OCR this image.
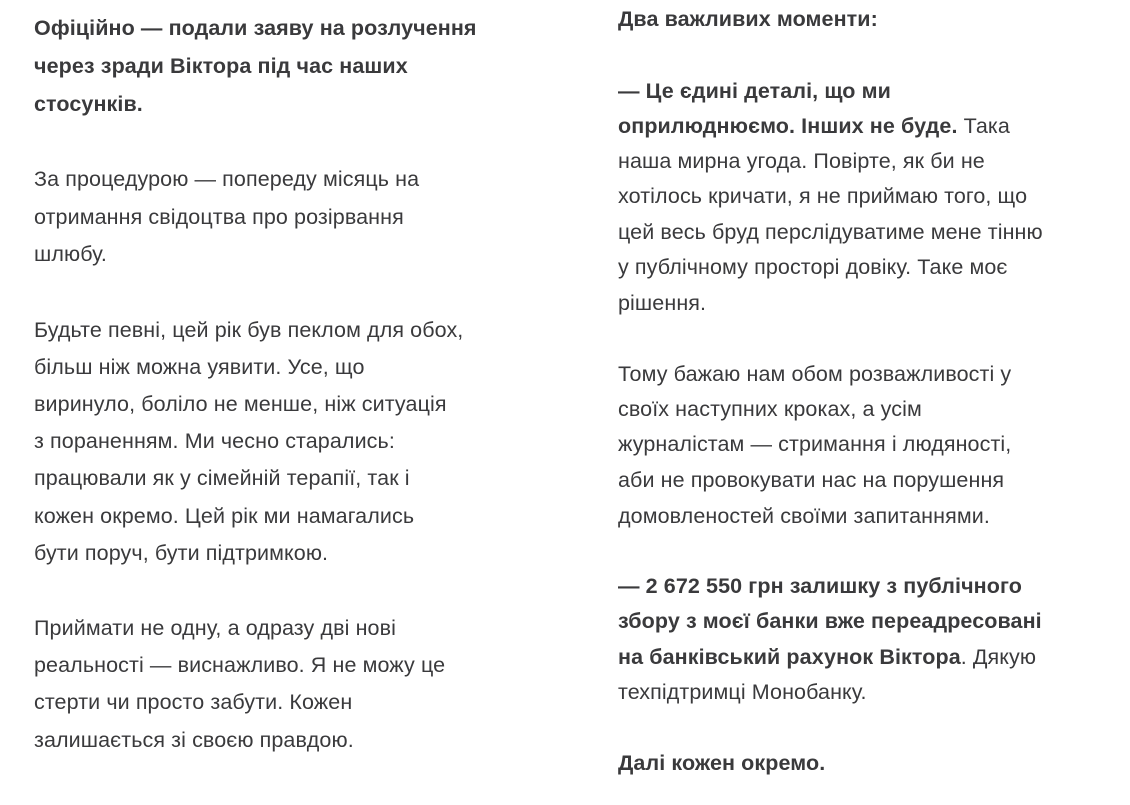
Офіційно — подали заяву на розлучення
через зради Віктора під час наших
стосунків.
За процедурою — попереду місяць на
отримання свідоцтва про розірвання
шлюбу.
Будьте певні, цей рік був пеклом для обох,
більш ніж можна уявити. Усе, що
виринуло, боліло не менше, ніж ситуація
з пораненням. Ми чесно старались:
працювали як у сімейній терапії, так і
кожен окремо. Цей рік ми намагались
бути поруч, бути підтримкою.
Приймати не одну, а одразу дві нові
реальності — виснажливо. Я не можу це
стерти чи просто забути. Кожен
залишається зі своєю правдою.
Два важливих моменти:
— Це єдині деталі, що ми
оприлюднюємо. Інших не буде. Така
наша мирна угода. Повірте, як би не
хотілось кричати, я не приймаю того, що
цей весь бруд перслідуватиме мене тінню
у публічному просторі довіку. Таке моє
рішення.
Тому бажаю нам обом розважливості у
своїх наступних кроках, а усім
журналістам — стримання і людяності,
аби не провокувати нас на порушення
домовленостей своїми запитаннями.
— 2 672 550 грн залишку з публічного
збору з моєї банки вже переадресовані
на банківський рахунок Віктора. Дякую
техпідтримці Монобанку.
Далі кожен окремо.
